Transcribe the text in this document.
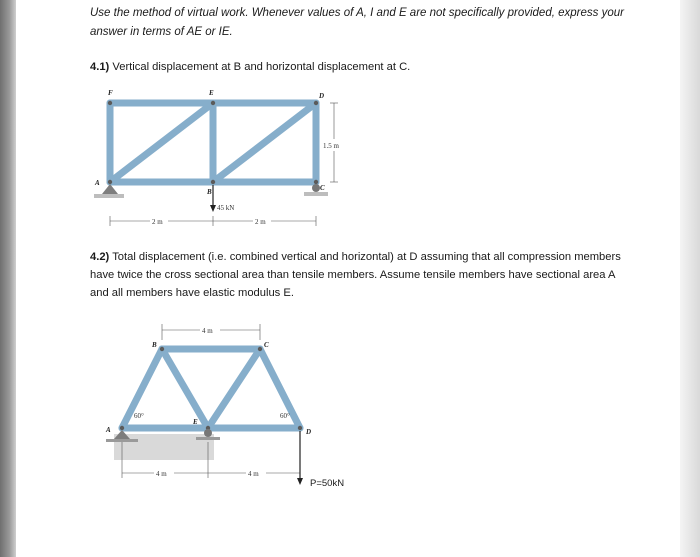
Use the method of virtual work. Whenever values of A, I and E are not specifically provided, express your answer in terms of AE or IE.
4.1) Vertical displacement at B and horizontal displacement at C.
F	E	D
A
B	C
45 kN
1.5 m
2 m	2 m
4.2) Total displacement (i.e. combined vertical and horizontal) at D assuming that all compression members have twice the cross sectional area than tensile members. Assume tensile members have sectional area A and all members have elastic modulus E.
B	C
A
E
D
60°	60°
4 m
4 m	4 m
P=50kN
